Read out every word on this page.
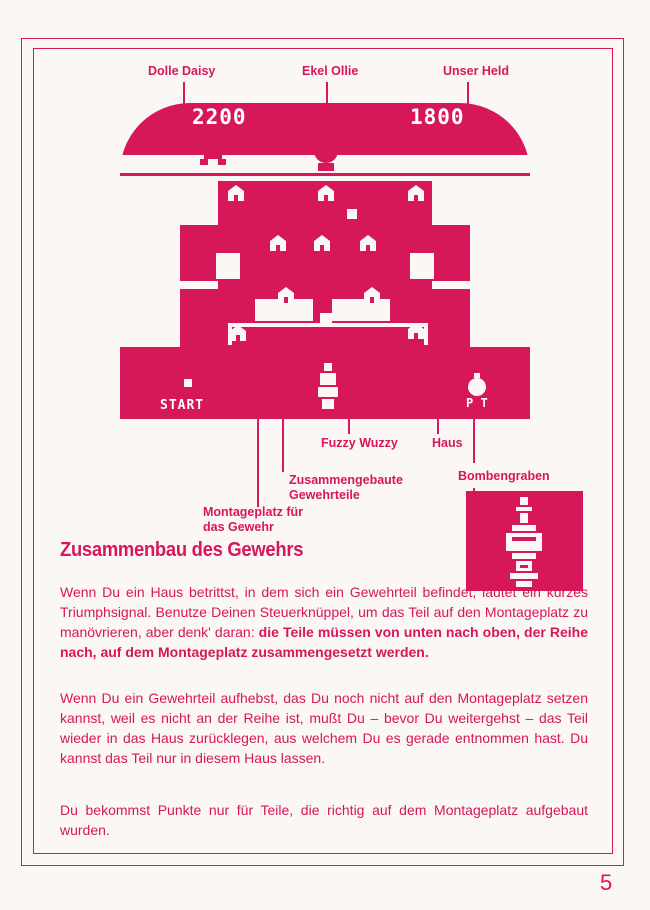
Dolle Daisy	Ekel Ollie	Unser Held
Fuzzy Wuzzy	Haus
Zusammengebaute Gewehrteile
Bombengraben
Montageplatz für das Gewehr
2200	1800
START	P T
Zusammenbau des Gewehrs

Wenn Du ein Haus betrittst, in dem sich ein Gewehrteil befindet, läutet ein kurzes Triumphsignal. Benutze Deinen Steuerknüppel, um das Teil auf den Montageplatz zu manövrieren, aber denk' daran: die Teile müssen von unten nach oben, der Reihe nach, auf dem Montageplatz zusammengesetzt werden.

Wenn Du ein Gewehrteil aufhebst, das Du noch nicht auf den Montageplatz setzen kannst, weil es nicht an der Reihe ist, mußt Du – bevor Du weitergehst – das Teil wieder in das Haus zurücklegen, aus welchem Du es gerade entnommen hast. Du kannst das Teil nur in diesem Haus lassen.

Du bekommst Punkte nur für Teile, die richtig auf dem Montageplatz aufgebaut wurden.

5
